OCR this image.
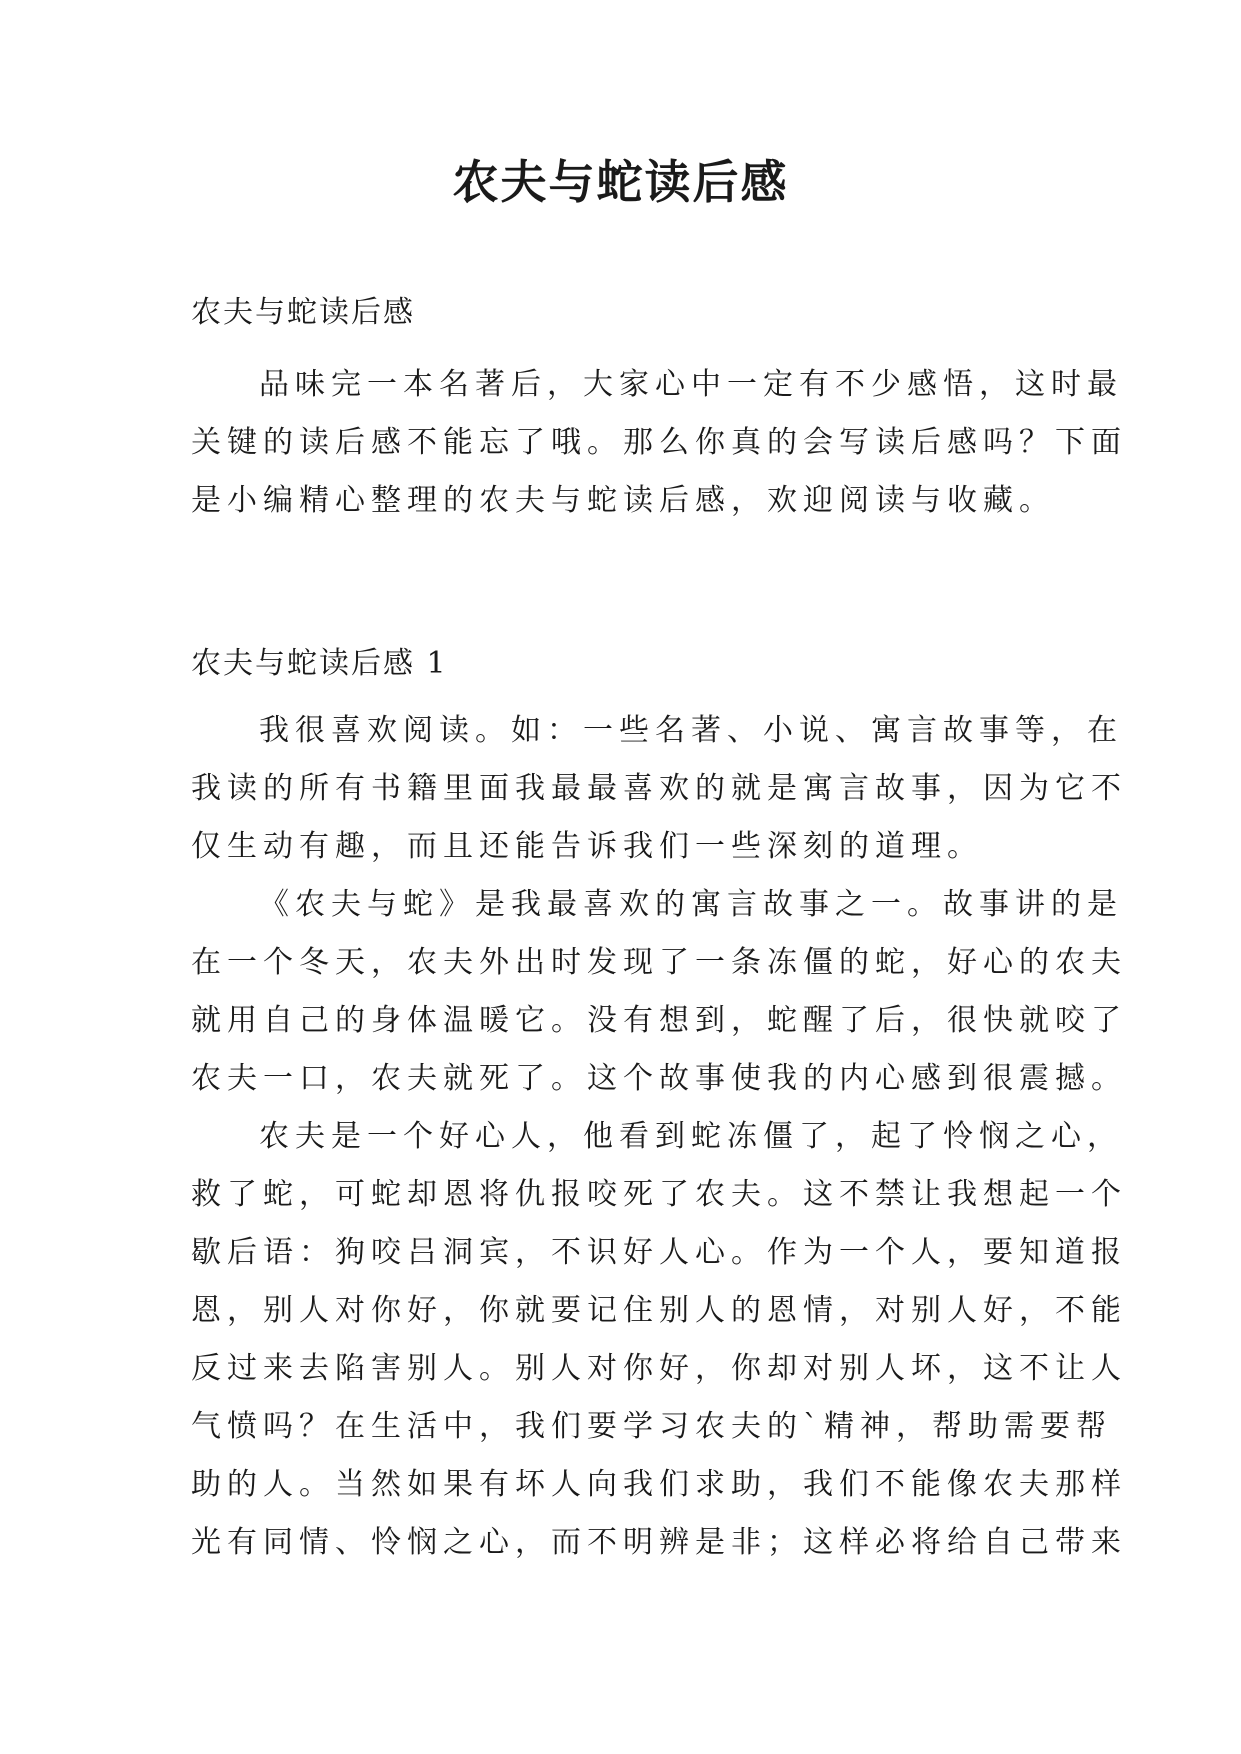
农夫与蛇读后感
农夫与蛇读后感
品味完一本名著后，大家心中一定有不少感悟，这时最
关键的读后感不能忘了哦。那么你真的会写读后感吗？下面
是小编精心整理的农夫与蛇读后感，欢迎阅读与收藏。
农夫与蛇读后感 1
我很喜欢阅读。如：一些名著、小说、寓言故事等，在
我读的所有书籍里面我最最喜欢的就是寓言故事，因为它不
仅生动有趣，而且还能告诉我们一些深刻的道理。
《农夫与蛇》是我最喜欢的寓言故事之一。故事讲的是
在一个冬天，农夫外出时发现了一条冻僵的蛇，好心的农夫
就用自己的身体温暖它。没有想到，蛇醒了后，很快就咬了
农夫一口，农夫就死了。这个故事使我的内心感到很震撼。
农夫是一个好心人，他看到蛇冻僵了，起了怜悯之心，
救了蛇，可蛇却恩将仇报咬死了农夫。这不禁让我想起一个
歇后语：狗咬吕洞宾，不识好人心。作为一个人，要知道报
恩，别人对你好，你就要记住别人的恩情，对别人好，不能
反过来去陷害别人。别人对你好，你却对别人坏，这不让人
气愤吗？在生活中，我们要学习农夫的`精神，帮助需要帮
助的人。当然如果有坏人向我们求助，我们不能像农夫那样
光有同情、怜悯之心，而不明辨是非；这样必将给自己带来
